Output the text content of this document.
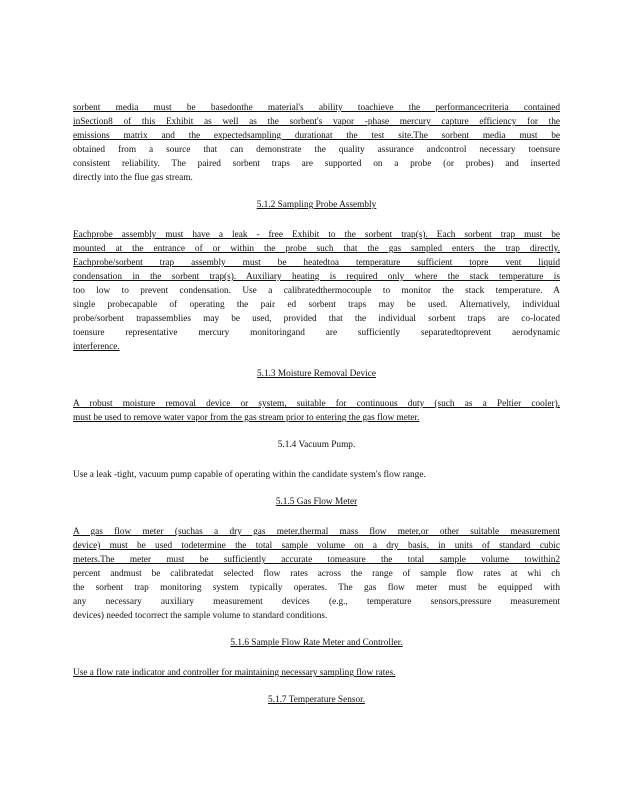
sorbent media must be basedonthe material's ability toachieve the performancecriteria contained
inSection8 of this Exhibit as well as the sorbent's vapor -phase mercury capture efficiency for the
emissions matrix and the expectedsampling durationat the test site.The sorbent media must be
obtained from a source that can demonstrate the quality assurance andcontrol necessary toensure
consistent reliability. The paired sorbent traps are supported on a probe (or probes) and inserted
directly into the flue gas stream.
5.1.2 Sampling Probe Assembly
Eachprobe assembly must have a leak - free Exhibit to the sorbent trap(s). Each sorbent trap must be
mounted at the entrance of or within the probe such that the gas sampled enters the trap directly.
Eachprobe/sorbent trap assembly must be heatedtoa temperature sufficient topre vent liquid
condensation in the sorbent trap(s). Auxiliary heating is required only where the stack temperature is
too low to prevent condensation. Use a calibratedthermocouple to monitor the stack temperature. A
single probecapable of operating the pair ed sorbent traps may be used. Alternatively, individual
probe/sorbent trapassemblies may be used, provided that the individual sorbent traps are co-located
toensure representative mercury monitoringand are sufficiently separatedtoprevent aerodynamic
interference.
5.1.3 Moisture Removal Device
A robust moisture removal device or system, suitable for continuous duty (such as a Peltier cooler),
must be used to remove water vapor from the gas stream prior to entering the gas flow meter.
5.1.4 Vacuum Pump.
Use a leak -tight, vacuum pump capable of operating within the candidate system's flow range.
5.1.5 Gas Flow Meter
A gas flow meter (suchas a dry gas meter,thermal mass flow meter,or other suitable measurement
device) must be used todetermine the total sample volume on a dry basis, in units of standard cubic
meters.The meter must be sufficiently accurate tomeasure the total sample volume towithin2
percent andmust be calibratedat selected flow rates across the range of sample flow rates at whi ch
the sorbent trap monitoring system typically operates. The gas flow meter must be equipped with
any necessary auxiliary measurement devices (e.g., temperature sensors,pressure measurement
devices) needed tocorrect the sample volume to standard conditions.
5.1.6 Sample Flow Rate Meter and Controller.
Use a flow rate indicator and controller for maintaining necessary sampling flow rates.
5.1.7 Temperature Sensor.
